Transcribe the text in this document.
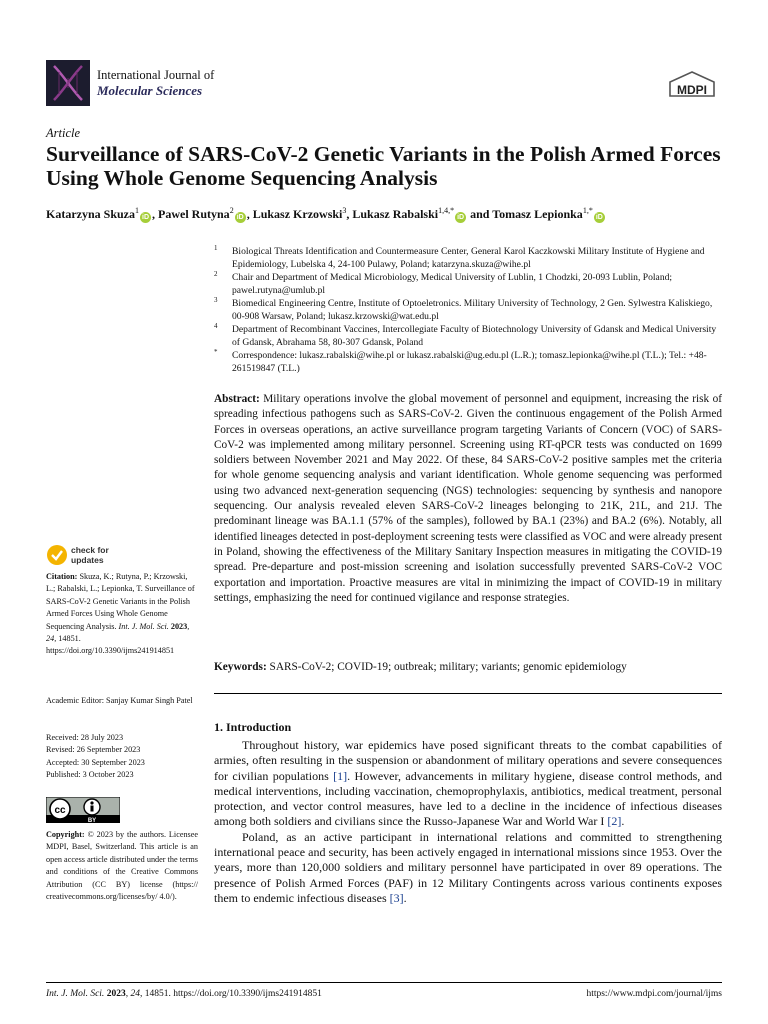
International Journal of
Molecular Sciences	MDPI
Article
Surveillance of SARS-CoV-2 Genetic Variants in the Polish Armed Forces Using Whole Genome Sequencing Analysis
Katarzyna Skuza$^1$iD , Pawel Rutyna$^2$iD , Lukasz Krzowski$^3$, Lukasz Rabalski$^{1,4,*}$iD and Tomasz Lepionka$^{1,*}$iD
1 Biological Threats Identification and Countermeasure Center, General Karol Kaczkowski Military Institute of Hygiene and Epidemiology, Lubelska 4, 24-100 Pulawy, Poland; katarzyna.skuza@wihe.pl
2 Chair and Department of Medical Microbiology, Medical University of Lublin, 1 Chodzki, 20-093 Lublin, Poland; pawel.rutyna@umlub.pl
3 Biomedical Engineering Centre, Institute of Optoeletronics. Military University of Technology, 2 Gen. Sylwestra Kaliskiego, 00-908 Warsaw, Poland; lukasz.krzowski@wat.edu.pl
4 Department of Recombinant Vaccines, Intercollegiate Faculty of Biotechnology University of Gdansk and Medical University of Gdansk, Abrahama 58, 80-307 Gdansk, Poland
* Correspondence: lukasz.rabalski@wihe.pl or lukasz.rabalski@ug.edu.pl (L.R.); tomasz.lepionka@wihe.pl (T.L.); Tel.: +48-261519847 (T.L.)
Abstract: Military operations involve the global movement of personnel and equipment, increasing the risk of spreading infectious pathogens such as SARS-CoV-2. Given the continuous engagement of the Polish Armed Forces in overseas operations, an active surveillance program targeting Variants of Concern (VOC) of SARS-CoV-2 was implemented among military personnel. Screening using RT-qPCR tests was conducted on 1699 soldiers between November 2021 and May 2022. Of these, 84 SARS-CoV-2 positive samples met the criteria for whole genome sequencing analysis and variant identification. Whole genome sequencing was performed using two advanced next-generation sequencing (NGS) technologies: sequencing by synthesis and nanopore sequencing. Our analysis revealed eleven SARS-CoV-2 lineages belonging to 21K, 21L, and 21J. The predominant lineage was BA.1.1 (57% of the samples), followed by BA.1 (23%) and BA.2 (6%). Notably, all identified lineages detected in post-deployment screening tests were classified as VOC and were already present in Poland, showing the effectiveness of the Military Sanitary Inspection measures in mitigating the COVID-19 spread. Pre-departure and post-mission screening and isolation successfully prevented SARS-CoV-2 VOC exportation and importation. Proactive measures are vital in minimizing the impact of COVID-19 in military settings, emphasizing the need for continued vigilance and response strategies.
Keywords: SARS-CoV-2; COVID-19; outbreak; military; variants; genomic epidemiology
check for
updates
Citation: Skuza, K.; Rutyna, P.; Krzowski, L.; Rabalski, L.; Lepionka, T. Surveillance of SARS-CoV-2 Genetic Variants in the Polish Armed Forces Using Whole Genome Sequencing Analysis. Int. J. Mol. Sci. 2023, 24, 14851. https://doi.org/10.3390/ijms241914851
Academic Editor: Sanjay Kumar Singh Patel
Received: 28 July 2023
Revised: 26 September 2023
Accepted: 30 September 2023
Published: 3 October 2023
cc
BY
Copyright: © 2023 by the authors. Licensee MDPI, Basel, Switzerland. This article is an open access article distributed under the terms and conditions of the Creative Commons Attribution (CC BY) license (https:// creativecommons.org/licenses/by/ 4.0/).
1. Introduction

Throughout history, war epidemics have posed significant threats to the combat capabilities of armies, often resulting in the suspension or abandonment of military operations and severe consequences for civilian populations [1]. However, advancements in military hygiene, disease control methods, and medical interventions, including vaccination, chemoprophylaxis, antibiotics, medical treatment, personal protection, and vector control measures, have led to a decline in the incidence of infectious diseases among both soldiers and civilians since the Russo-Japanese War and World War I [2].

Poland, as an active participant in international relations and committed to strengthening international peace and security, has been actively engaged in international missions since 1953. Over the years, more than 120,000 soldiers and military personnel have participated in over 89 operations. The presence of Polish Armed Forces (PAF) in 12 Military Contingents across various continents exposes them to endemic infectious diseases [3].

Int. J. Mol. Sci. 2023, 24, 14851. https://doi.org/10.3390/ijms241914851	https://www.mdpi.com/journal/ijms
